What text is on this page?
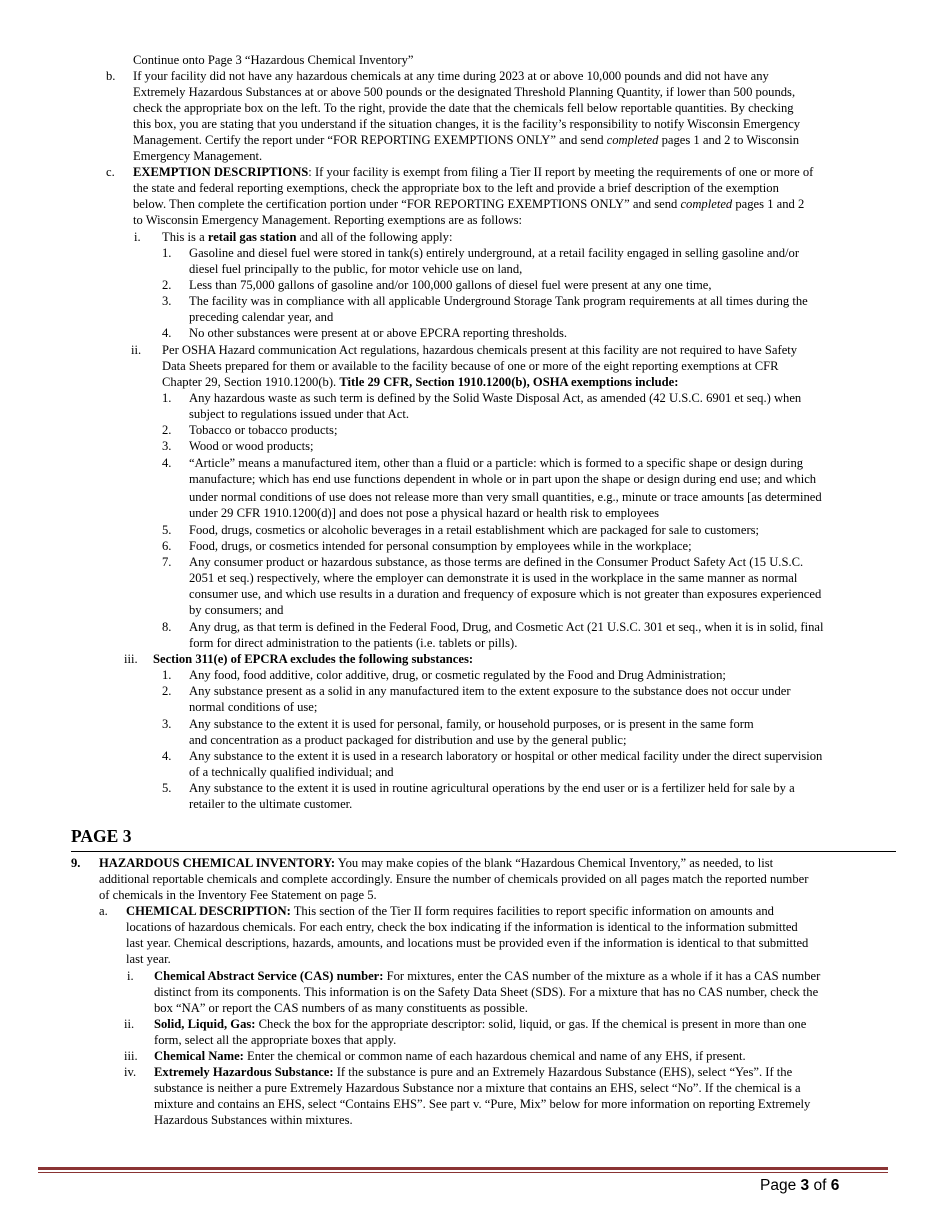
Continue onto Page 3 “Hazardous Chemical Inventory”
b. If your facility did not have any hazardous chemicals at any time during 2023 at or above 10,000 pounds and did not have any
Extremely Hazardous Substances at or above 500 pounds or the designated Threshold Planning Quantity, if lower than 500 pounds,
check the appropriate box on the left. To the right, provide the date that the chemicals fell below reportable quantities. By checking
this box, you are stating that you understand if the situation changes, it is the facility’s responsibility to notify Wisconsin Emergency
Management. Certify the report under “FOR REPORTING EXEMPTIONS ONLY” and send completed pages 1 and 2 to Wisconsin
Emergency Management.
c. EXEMPTION DESCRIPTIONS: If your facility is exempt from filing a Tier II report by meeting the requirements of one or more of
the state and federal reporting exemptions, check the appropriate box to the left and provide a brief description of the exemption
below. Then complete the certification portion under “FOR REPORTING EXEMPTIONS ONLY” and send completed pages 1 and 2
to Wisconsin Emergency Management. Reporting exemptions are as follows:
i. This is a retail gas station and all of the following apply:
1. Gasoline and diesel fuel were stored in tank(s) entirely underground, at a retail facility engaged in selling gasoline and/or
diesel fuel principally to the public, for motor vehicle use on land,
2. Less than 75,000 gallons of gasoline and/or 100,000 gallons of diesel fuel were present at any one time,
3. The facility was in compliance with all applicable Underground Storage Tank program requirements at all times during the
preceding calendar year, and
4. No other substances were present at or above EPCRA reporting thresholds.
ii. Per OSHA Hazard communication Act regulations, hazardous chemicals present at this facility are not required to have Safety
Data Sheets prepared for them or available to the facility because of one or more of the eight reporting exemptions at CFR
Chapter 29, Section 1910.1200(b). Title 29 CFR, Section 1910.1200(b), OSHA exemptions include:
1. Any hazardous waste as such term is defined by the Solid Waste Disposal Act, as amended (42 U.S.C. 6901 et seq.) when
subject to regulations issued under that Act.
2. Tobacco or tobacco products;
3. Wood or wood products;
4. “Article” means a manufactured item, other than a fluid or a particle: which is formed to a specific shape or design during
manufacture; which has end use functions dependent in whole or in part upon the shape or design during end use; and which
under normal conditions of use does not release more than very small quantities, e.g., minute or trace amounts [as determined
under 29 CFR 1910.1200(d)] and does not pose a physical hazard or health risk to employees
5. Food, drugs, cosmetics or alcoholic beverages in a retail establishment which are packaged for sale to customers;
6. Food, drugs, or cosmetics intended for personal consumption by employees while in the workplace;
7. Any consumer product or hazardous substance, as those terms are defined in the Consumer Product Safety Act (15 U.S.C.
2051 et seq.) respectively, where the employer can demonstrate it is used in the workplace in the same manner as normal
consumer use, and which use results in a duration and frequency of exposure which is not greater than exposures experienced
by consumers; and
8. Any drug, as that term is defined in the Federal Food, Drug, and Cosmetic Act (21 U.S.C. 301 et seq., when it is in solid, final
form for direct administration to the patients (i.e. tablets or pills).
iii. Section 311(e) of EPCRA excludes the following substances:
1. Any food, food additive, color additive, drug, or cosmetic regulated by the Food and Drug Administration;
2. Any substance present as a solid in any manufactured item to the extent exposure to the substance does not occur under
normal conditions of use;
3. Any substance to the extent it is used for personal, family, or household purposes, or is present in the same form
and concentration as a product packaged for distribution and use by the general public;
4. Any substance to the extent it is used in a research laboratory or hospital or other medical facility under the direct supervision
of a technically qualified individual; and
5. Any substance to the extent it is used in routine agricultural operations by the end user or is a fertilizer held for sale by a
retailer to the ultimate customer.
9. HAZARDOUS CHEMICAL INVENTORY: You may make copies of the blank “Hazardous Chemical Inventory,” as needed, to list
additional reportable chemicals and complete accordingly. Ensure the number of chemicals provided on all pages match the reported number
of chemicals in the Inventory Fee Statement on page 5.
a. CHEMICAL DESCRIPTION: This section of the Tier II form requires facilities to report specific information on amounts and
locations of hazardous chemicals. For each entry, check the box indicating if the information is identical to the information submitted
last year. Chemical descriptions, hazards, amounts, and locations must be provided even if the information is identical to that submitted
last year.
i. Chemical Abstract Service (CAS) number: For mixtures, enter the CAS number of the mixture as a whole if it has a CAS number
distinct from its components. This information is on the Safety Data Sheet (SDS). For a mixture that has no CAS number, check the
box “NA” or report the CAS numbers of as many constituents as possible.
ii. Solid, Liquid, Gas: Check the box for the appropriate descriptor: solid, liquid, or gas. If the chemical is present in more than one
form, select all the appropriate boxes that apply.
iii. Chemical Name: Enter the chemical or common name of each hazardous chemical and name of any EHS, if present.
iv. Extremely Hazardous Substance: If the substance is pure and an Extremely Hazardous Substance (EHS), select “Yes”. If the
substance is neither a pure Extremely Hazardous Substance nor a mixture that contains an EHS, select “No”. If the chemical is a
mixture and contains an EHS, select “Contains EHS”. See part v. “Pure, Mix” below for more information on reporting Extremely
Hazardous Substances within mixtures.
PAGE 3
Page 3 of 6
